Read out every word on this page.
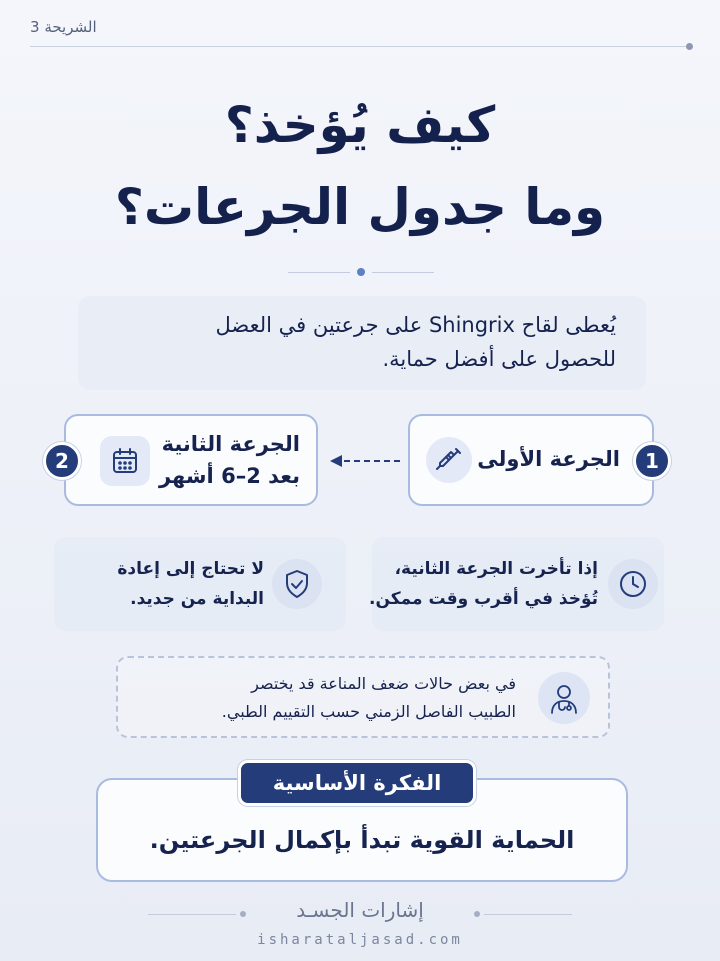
الشريحة 3
كيف يُؤخذ؟
وما جدول الجرعات؟
يُعطى لقاح Shingrix على جرعتين في العضل
للحصول على أفضل حماية.
الجرعة الأولى	1
الجرعة الثانية
بعد 2–6 أشهر
2
إذا تأخرت الجرعة الثانية،
تُؤخذ في أقرب وقت ممكن.
لا تحتاج إلى إعادة
البداية من جديد.
في بعض حالات ضعف المناعة قد يختصر
الطبيب الفاصل الزمني حسب التقييم الطبي.
الحماية القوية تبدأ بإكمال الجرعتين.
الفكرة الأساسية
إشارات الجسـد
isharataljasad.com
